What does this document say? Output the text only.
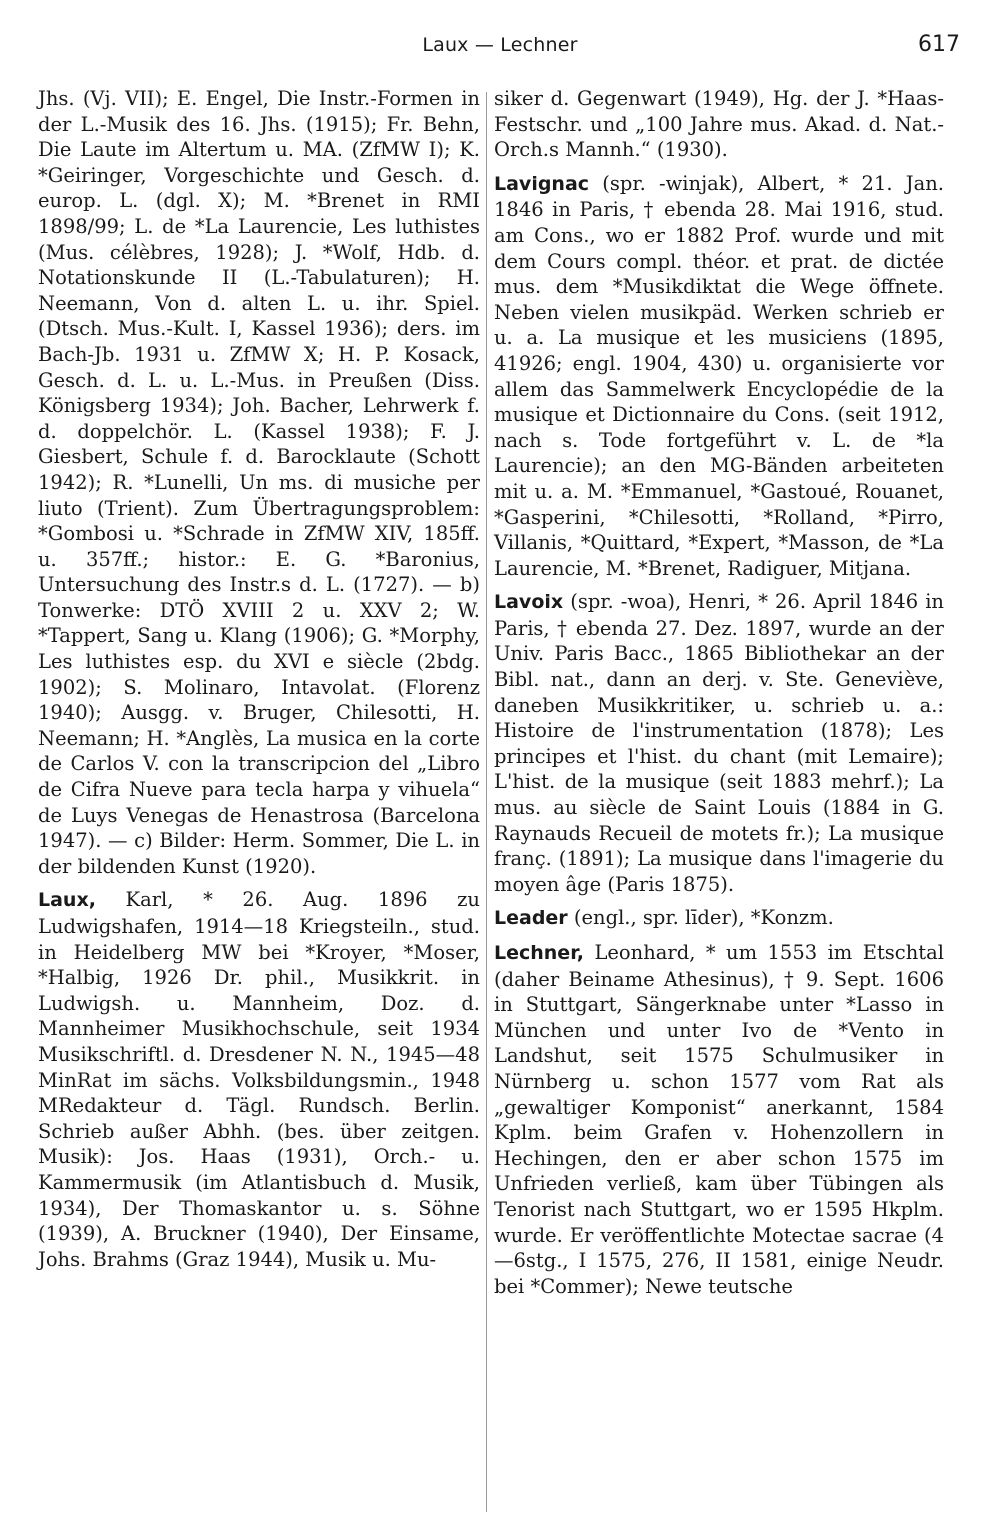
Laux — Lechner	617

Jhs. (Vj. VII); E. Engel, Die Instr.-Formen in der L.-Musik des 16. Jhs. (1915); Fr. Behn, Die Laute im Altertum u. MA. (ZfMW I); K. *Geiringer, Vorgeschichte und Gesch. d. europ. L. (dgl. X); M. *Brenet in RMI 1898/99; L. de *La Laurencie, Les luthistes (Mus. célèbres, 1928); J. *Wolf, Hdb. d. Notationskunde II (L.-Tabulaturen); H. Neemann, Von d. alten L. u. ihr. Spiel. (Dtsch. Mus.-Kult. I, Kassel 1936); ders. im Bach-Jb. 1931 u. ZfMW X; H. P. Kosack, Gesch. d. L. u. L.-Mus. in Preußen (Diss. Königsberg 1934); Joh. Bacher, Lehrwerk f. d. doppelchör. L. (Kassel 1938); F. J. Giesbert, Schule f. d. Barocklaute (Schott 1942); R. *Lunelli, Un ms. di musiche per liuto (Trient). Zum Übertragungsproblem: *Gombosi u. *Schrade in ZfMW XIV, 185ff. u. 357ff.; histor.: E. G. *Baronius, Untersuchung des Instr.s d. L. (1727). — b) Tonwerke: DTÖ XVIII 2 u. XXV 2; W. *Tappert, Sang u. Klang (1906); G. *Morphy, Les luthistes esp. du XVI e siècle (2bdg. 1902); S. Molinaro, Intavolat. (Florenz 1940); Ausgg. v. Bruger, Chilesotti, H. Neemann; H. *Anglès, La musica en la corte de Carlos V. con la transcripcion del „Libro de Cifra Nueve para tecla harpa y vihuela“ de Luys Venegas de Henastrosa (Barcelona 1947). — c) Bilder: Herm. Sommer, Die L. in der bildenden Kunst (1920).

Laux, Karl, * 26. Aug. 1896 zu Ludwigshafen, 1914—18 Kriegsteiln., stud. in Heidelberg MW bei *Kroyer, *Moser, *Halbig, 1926 Dr. phil., Musikkrit. in Ludwigsh. u. Mannheim, Doz. d. Mannheimer Musikhochschule, seit 1934 Musikschriftl. d. Dresdener N. N., 1945—48 MinRat im sächs. Volksbildungsmin., 1948 MRedakteur d. Tägl. Rundsch. Berlin. Schrieb außer Abhh. (bes. über zeitgen. Musik): Jos. Haas (1931), Orch.- u. Kammermusik (im Atlantisbuch d. Musik, 1934), Der Thomaskantor u. s. Söhne (1939), A. Bruckner (1940), Der Einsame, Johs. Brahms (Graz 1944), Musik u. Mu-

siker d. Gegenwart (1949), Hg. der J. *Haas-Festschr. und „100 Jahre mus. Akad. d. Nat.-Orch.s Mannh.“ (1930).

Lavignac (spr. -winjak), Albert, * 21. Jan. 1846 in Paris, † ebenda 28. Mai 1916, stud. am Cons., wo er 1882 Prof. wurde und mit dem Cours compl. théor. et prat. de dictée mus. dem *Musikdiktat die Wege öffnete. Neben vielen musikpäd. Werken schrieb er u. a. La musique et les musiciens (1895, 41926; engl. 1904, 430) u. organisierte vor allem das Sammelwerk Encyclopédie de la musique et Dictionnaire du Cons. (seit 1912, nach s. Tode fortgeführt v. L. de *la Laurencie); an den MG-Bänden arbeiteten mit u. a. M. *Emmanuel, *Gastoué, Rouanet, *Gasperini, *Chilesotti, *Rolland, *Pirro, Villanis, *Quittard, *Expert, *Masson, de *La Laurencie, M. *Brenet, Radiguer, Mitjana.

Lavoix (spr. -woa), Henri, * 26. April 1846 in Paris, † ebenda 27. Dez. 1897, wurde an der Univ. Paris Bacc., 1865 Bibliothekar an der Bibl. nat., dann an derj. v. Ste. Geneviève, daneben Musikkritiker, u. schrieb u. a.: Histoire de l'instrumentation (1878); Les principes et l'hist. du chant (mit Lemaire); L'hist. de la musique (seit 1883 mehrf.); La mus. au siècle de Saint Louis (1884 in G. Raynauds Recueil de motets fr.); La musique franç. (1891); La musique dans l'imagerie du moyen âge (Paris 1875).

Leader (engl., spr. līder), *Konzm.

Lechner, Leonhard, * um 1553 im Etschtal (daher Beiname Athesinus), † 9. Sept. 1606 in Stuttgart, Sängerknabe unter *Lasso in München und unter Ivo de *Vento in Landshut, seit 1575 Schulmusiker in Nürnberg u. schon 1577 vom Rat als „gewaltiger Komponist“ anerkannt, 1584 Kplm. beim Grafen v. Hohenzollern in Hechingen, den er aber schon 1575 im Unfrieden verließ, kam über Tübingen als Tenorist nach Stuttgart, wo er 1595 Hkplm. wurde. Er veröffentlichte Motectae sacrae (4—6stg., I 1575, 276, II 1581, einige Neudr. bei *Commer); Newe teutsche
